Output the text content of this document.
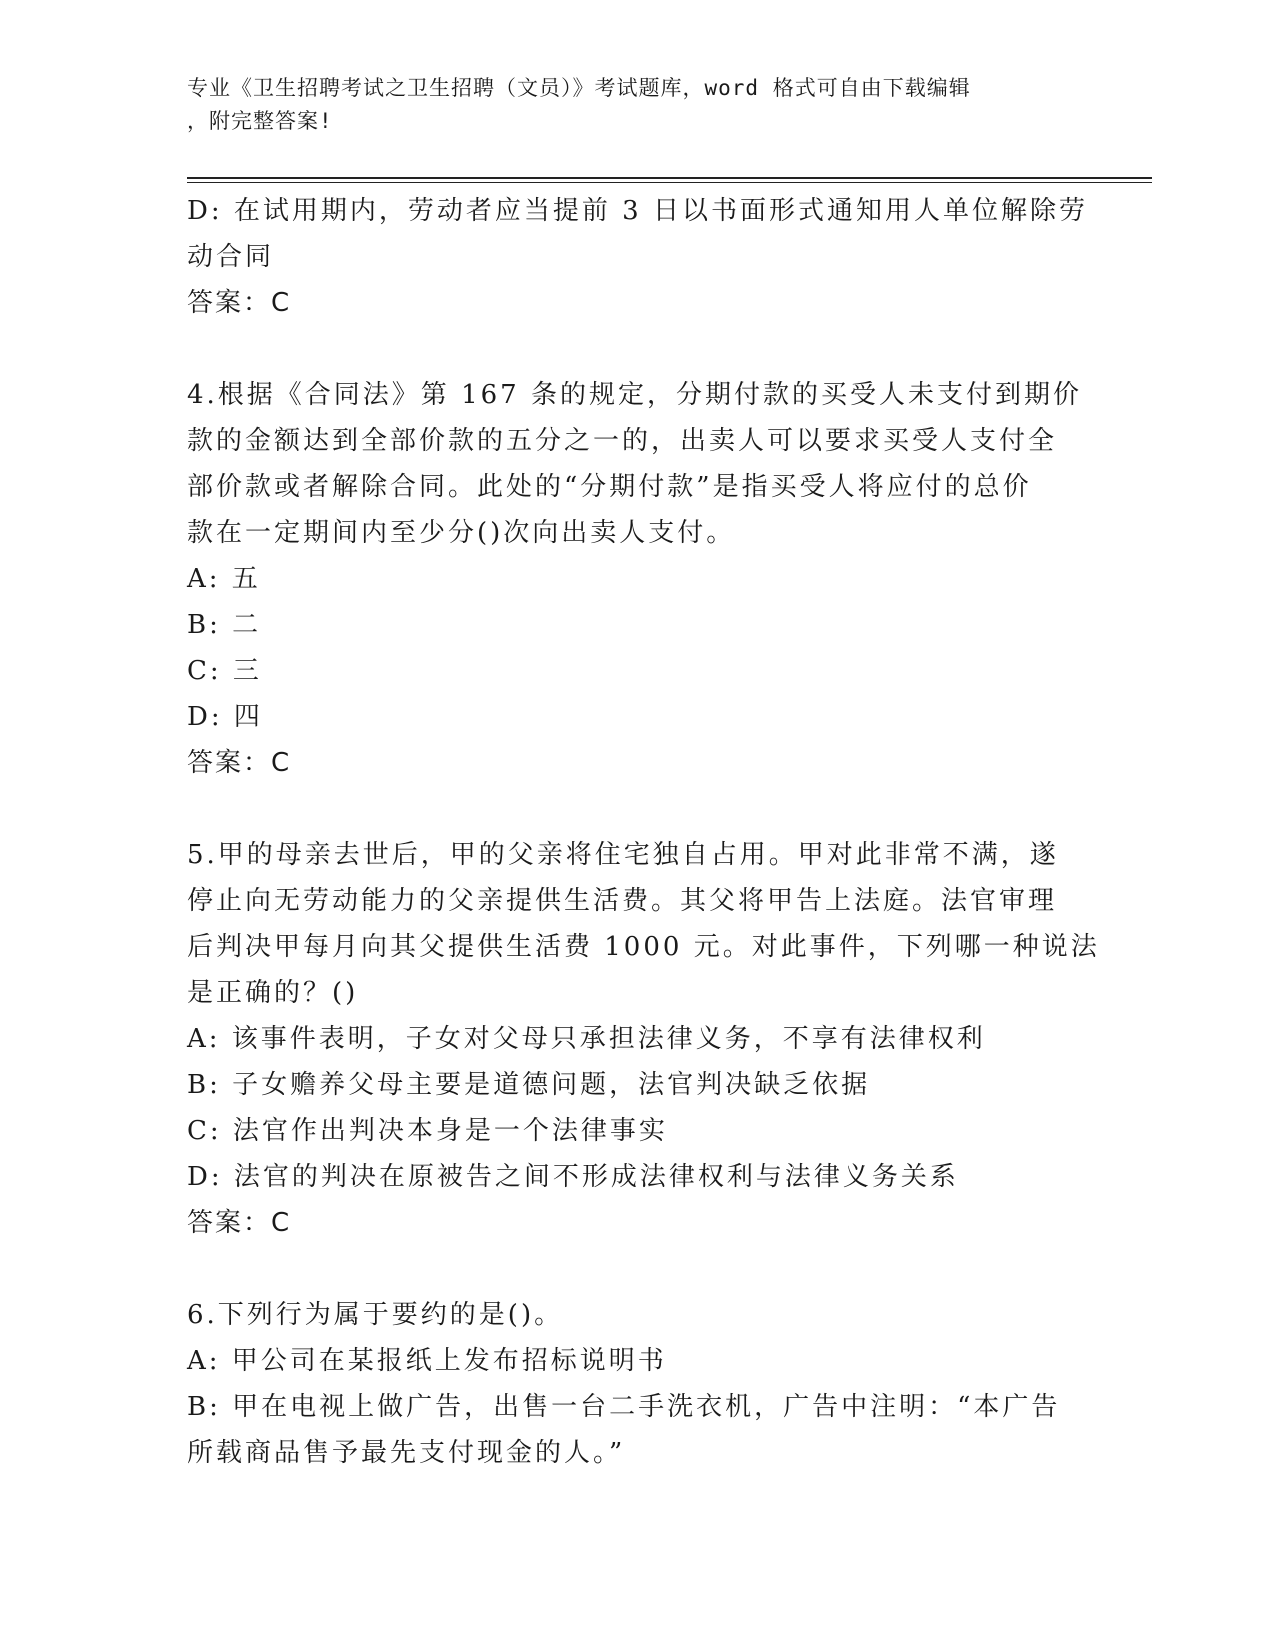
专业《卫生招聘考试之卫生招聘（文员）》考试题库，word 格式可自由下载编辑
，附完整答案!
D: 在试用期内，劳动者应当提前 3 日以书面形式通知用人单位解除劳
动合同
答案：C
4.根据《合同法》第 167 条的规定，分期付款的买受人未支付到期价
款的金额达到全部价款的五分之一的，出卖人可以要求买受人支付全
部价款或者解除合同。此处的“分期付款”是指买受人将应付的总价
款在一定期间内至少分()次向出卖人支付。
A: 五
B: 二
C: 三
D: 四
答案：C
5.甲的母亲去世后，甲的父亲将住宅独自占用。甲对此非常不满，遂
停止向无劳动能力的父亲提供生活费。其父将甲告上法庭。法官审理
后判决甲每月向其父提供生活费 1000 元。对此事件，下列哪一种说法
是正确的？()
A: 该事件表明，子女对父母只承担法律义务，不享有法律权利
B: 子女赡养父母主要是道德问题，法官判决缺乏依据
C: 法官作出判决本身是一个法律事实
D: 法官的判决在原被告之间不形成法律权利与法律义务关系
答案：C
6.下列行为属于要约的是()。
A: 甲公司在某报纸上发布招标说明书
B: 甲在电视上做广告，出售一台二手洗衣机，广告中注明：“本广告
所载商品售予最先支付现金的人。”
